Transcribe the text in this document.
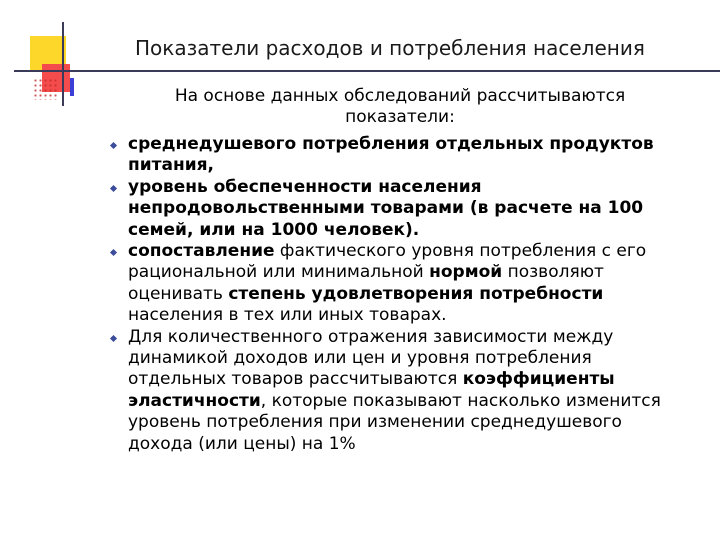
Показатели расходов и потребления населения
На основе данных обследований рассчитываются показатели:
среднедушевого потребления отдельных продуктов питания,
уровень обеспеченности населения непродовольственными товарами (в расчете на 100 семей, или на 1000 человек).
сопоставление фактического уровня потребления с его рациональной или минимальной нормой позволяют оценивать степень удовлетворения потребности населения в тех или иных товарах.
Для количественного отражения зависимости между динамикой доходов или цен и уровня потребления отдельных товаров рассчитываются коэффициенты эластичности, которые показывают насколько изменится уровень потребления при изменении среднедушевого дохода (или цены) на 1%
